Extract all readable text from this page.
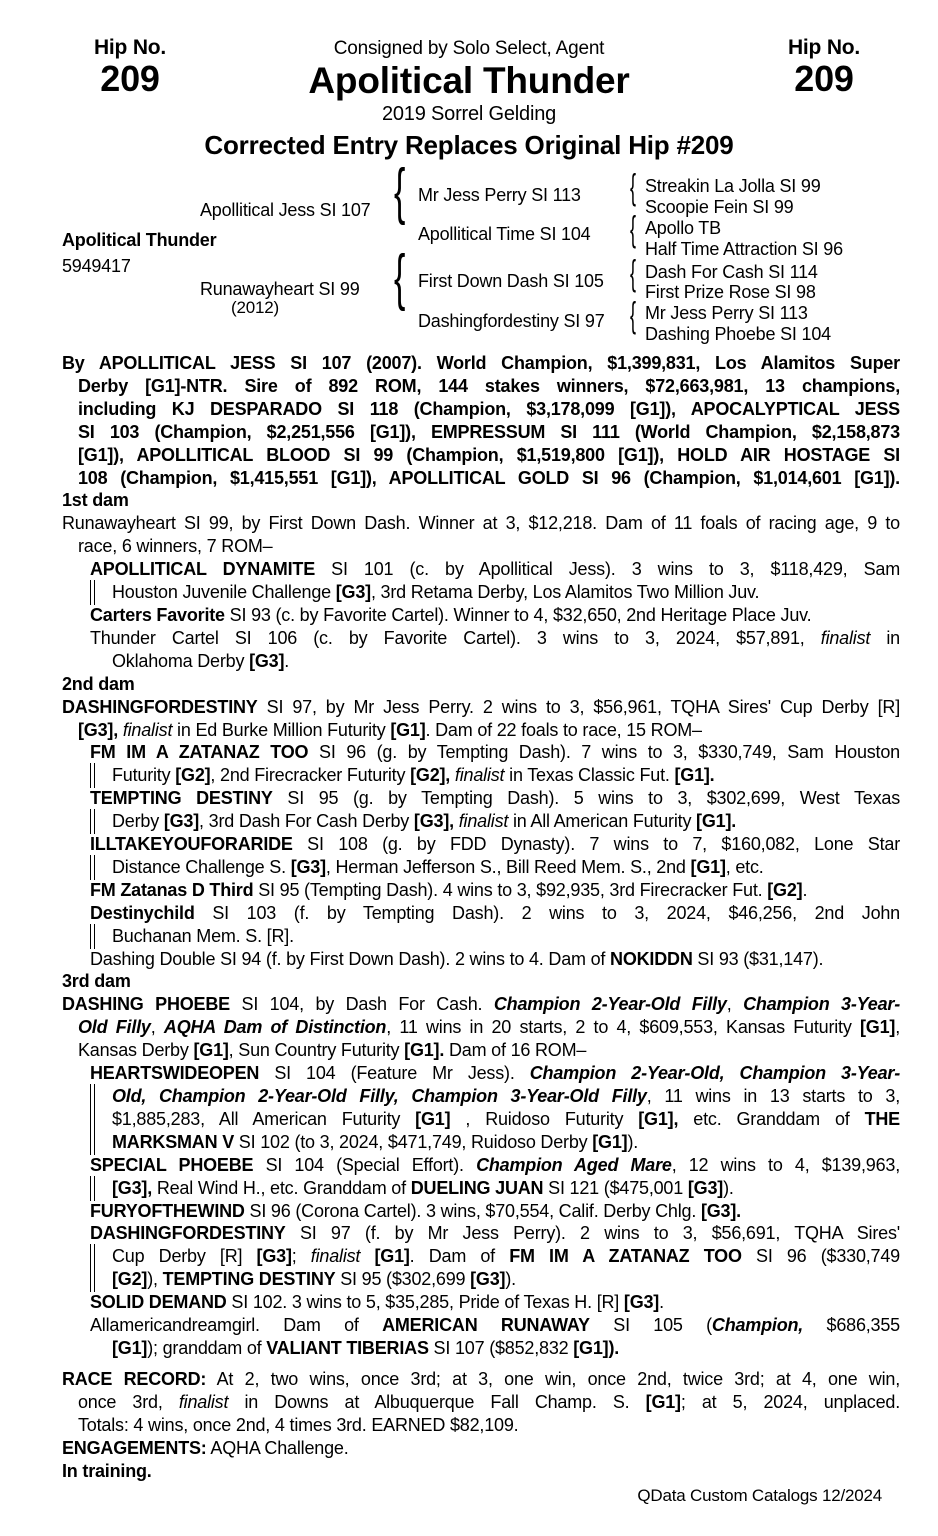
Hip No.
209
Hip No.
209
Consigned by Solo Select, Agent
Apolitical Thunder
2019 Sorrel Gelding
Corrected Entry Replaces Original Hip #209
Apolitical Thunder
5949417
Apollitical Jess SI 107
Runawayheart SI 99
(2012)
Mr Jess Perry SI 113
Apollitical Time SI 104
First Down Dash SI 105
Dashingfordestiny SI 97
Streakin La Jolla SI 99
Scoopie Fein SI 99
Apollo TB
Half Time Attraction SI 96
Dash For Cash SI 114
First Prize Rose SI 98
Mr Jess Perry SI 113
Dashing Phoebe SI 104
{
{
{
{
{
{
By APOLLITICAL JESS SI 107 (2007). World Champion, $1,399,831, Los Alamitos Super
Derby [G1]-NTR. Sire of 892 ROM, 144 stakes winners, $72,663,981, 13 champions,
including KJ DESPARADO SI 118 (Champion, $3,178,099 [G1]), APOCALYPTICAL JESS
SI 103 (Champion, $2,251,556 [G1]), EMPRESSUM SI 111 (World Champion, $2,158,873
[G1]), APOLLITICAL BLOOD SI 99 (Champion, $1,519,800 [G1]), HOLD AIR HOSTAGE SI
108 (Champion, $1,415,551 [G1]), APOLLITICAL GOLD SI 96 (Champion, $1,014,601 [G1]).
1st dam
Runawayheart SI 99, by First Down Dash. Winner at 3, $12,218. Dam of 11 foals of racing age, 9 to
race, 6 winners, 7 ROM–
APOLLITICAL DYNAMITE SI 101 (c. by Apollitical Jess). 3 wins to 3, $118,429, Sam
Houston Juvenile Challenge [G3], 3rd Retama Derby, Los Alamitos Two Million Juv.
Carters Favorite SI 93 (c. by Favorite Cartel). Winner to 4, $32,650, 2nd Heritage Place Juv.
Thunder Cartel SI 106 (c. by Favorite Cartel). 3 wins to 3, 2024, $57,891, finalist in
Oklahoma Derby [G3].
2nd dam
DASHINGFORDESTINY SI 97, by Mr Jess Perry. 2 wins to 3, $56,961, TQHA Sires' Cup Derby [R]
[G3], finalist in Ed Burke Million Futurity [G1]. Dam of 22 foals to race, 15 ROM–
FM IM A ZATANAZ TOO SI 96 (g. by Tempting Dash). 7 wins to 3, $330,749, Sam Houston
Futurity [G2], 2nd Firecracker Futurity [G2], finalist in Texas Classic Fut. [G1].
TEMPTING DESTINY SI 95 (g. by Tempting Dash). 5 wins to 3, $302,699, West Texas
Derby [G3], 3rd Dash For Cash Derby [G3], finalist in All American Futurity [G1].
ILLTAKEYOUFORARIDE SI 108 (g. by FDD Dynasty). 7 wins to 7, $160,082, Lone Star
Distance Challenge S. [G3], Herman Jefferson S., Bill Reed Mem. S., 2nd [G1], etc.
FM Zatanas D Third SI 95 (Tempting Dash). 4 wins to 3, $92,935, 3rd Firecracker Fut. [G2].
Destinychild SI 103 (f. by Tempting Dash). 2 wins to 3, 2024, $46,256, 2nd John
Buchanan Mem. S. [R].
Dashing Double SI 94 (f. by First Down Dash). 2 wins to 4. Dam of NOKIDDN SI 93 ($31,147).
3rd dam
DASHING PHOEBE SI 104, by Dash For Cash. Champion 2-Year-Old Filly, Champion 3-Year-
Old Filly, AQHA Dam of Distinction, 11 wins in 20 starts, 2 to 4, $609,553, Kansas Futurity [G1],
Kansas Derby [G1], Sun Country Futurity [G1]. Dam of 16 ROM–
HEARTSWIDEOPEN SI 104 (Feature Mr Jess). Champion 2-Year-Old, Champion 3-Year-
Old, Champion 2-Year-Old Filly, Champion 3-Year-Old Filly, 11 wins in 13 starts to 3,
$1,885,283, All American Futurity [G1] , Ruidoso Futurity [G1], etc. Granddam of THE
MARKSMAN V SI 102 (to 3, 2024, $471,749, Ruidoso Derby [G1]).
SPECIAL PHOEBE SI 104 (Special Effort). Champion Aged Mare, 12 wins to 4, $139,963,
[G3], Real Wind H., etc. Granddam of DUELING JUAN SI 121 ($475,001 [G3]).
FURYOFTHEWIND SI 96 (Corona Cartel). 3 wins, $70,554, Calif. Derby Chlg. [G3].
DASHINGFORDESTINY SI 97 (f. by Mr Jess Perry). 2 wins to 3, $56,691, TQHA Sires'
Cup Derby [R] [G3]; finalist [G1]. Dam of FM IM A ZATANAZ TOO SI 96 ($330,749
[G2]), TEMPTING DESTINY SI 95 ($302,699 [G3]).
SOLID DEMAND SI 102. 3 wins to 5, $35,285, Pride of Texas H. [R] [G3].
Allamericandreamgirl. Dam of AMERICAN RUNAWAY SI 105 (Champion, $686,355
[G1]); granddam of VALIANT TIBERIAS SI 107 ($852,832 [G1]).
RACE RECORD: At 2, two wins, once 3rd; at 3, one win, once 2nd, twice 3rd; at 4, one win,
once 3rd, finalist in Downs at Albuquerque Fall Champ. S. [G1]; at 5, 2024, unplaced.
Totals: 4 wins, once 2nd, 4 times 3rd. EARNED $82,109.
ENGAGEMENTS: AQHA Challenge.
In training.
QData Custom Catalogs 12/2024
